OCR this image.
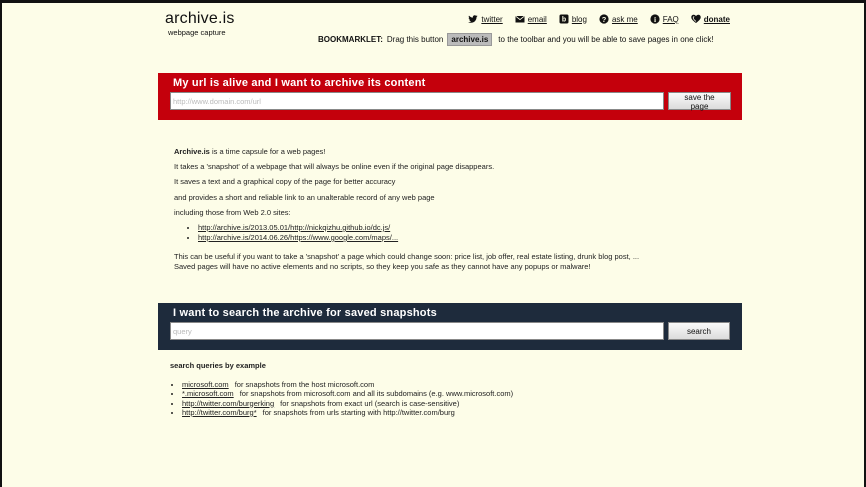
archive.is
webpage capture
twitter	email b blog ? ask me i FAQ	donate
BOOKMARKLET: Drag this button	archive.is	to the toolbar and you will be able to save pages in one click!
My url is alive and I want to archive its content
http://www.domain.com/url
save the page

Archive.is is a time capsule for a web pages!

It takes a 'snapshot' of a webpage that will always be online even if the original page disappears.

It saves a text and a graphical copy of the page for better accuracy

and provides a short and reliable link to an unalterable record of any web page

including those from Web 2.0 sites:

• http://archive.is/2013.05.01/http://nickqizhu.github.io/dc.js/
• http://archive.is/2014.06.26/https://www.google.com/maps/...
This can be useful if you want to take a 'snapshot' a page which could change soon: price list, job offer, real estate listing, drunk blog post, ...
Saved pages will have no active elements and no scripts, so they keep you safe as they cannot have any popups or malware!
I want to search the archive for saved snapshots
query
search
search queries by example
• microsoft.com for snapshots from the host microsoft.com
• *.microsoft.com for snapshots from microsoft.com and all its subdomains (e.g. www.microsoft.com)
• http://twitter.com/burgerking for snapshots from exact url (search is case-sensitive)
• http://twitter.com/burg* for snapshots from urls starting with http://twitter.com/burg
